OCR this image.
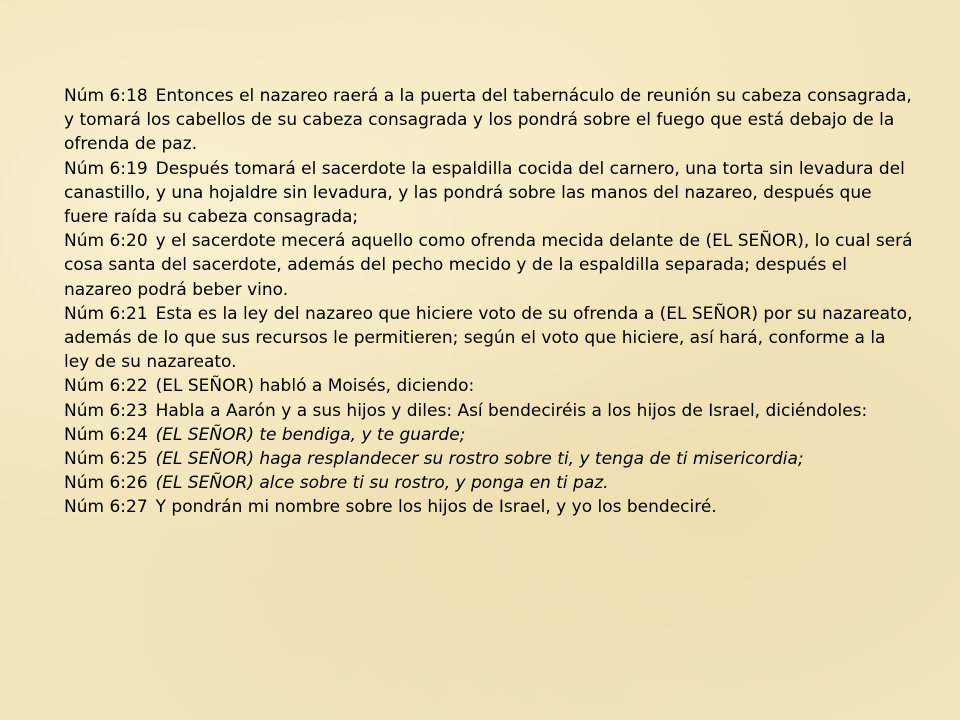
Núm 6:18 Entonces el nazareo raerá a la puerta del tabernáculo de reunión su cabeza consagrada, y tomará los cabellos de su cabeza consagrada y los pondrá sobre el fuego que está debajo de la ofrenda de paz.

Núm 6:19 Después tomará el sacerdote la espaldilla cocida del carnero, una torta sin levadura del canastillo, y una hojaldre sin levadura, y las pondrá sobre las manos del nazareo, después que fuere raída su cabeza consagrada;

Núm 6:20 y el sacerdote mecerá aquello como ofrenda mecida delante de (EL SEÑOR), lo cual será cosa santa del sacerdote, además del pecho mecido y de la espaldilla separada; después el nazareo podrá beber vino.

Núm 6:21 Esta es la ley del nazareo que hiciere voto de su ofrenda a (EL SEÑOR) por su nazareato, además de lo que sus recursos le permitieren; según el voto que hiciere, así hará, conforme a la ley de su nazareato.

Núm 6:22 (EL SEÑOR) habló a Moisés, diciendo:

Núm 6:23 Habla a Aarón y a sus hijos y diles: Así bendeciréis a los hijos de Israel, diciéndoles:

Núm 6:24 (EL SEÑOR) te bendiga, y te guarde;

Núm 6:25 (EL SEÑOR) haga resplandecer su rostro sobre ti, y tenga de ti misericordia;

Núm 6:26 (EL SEÑOR) alce sobre ti su rostro, y ponga en ti paz.

Núm 6:27 Y pondrán mi nombre sobre los hijos de Israel, y yo los bendeciré.
